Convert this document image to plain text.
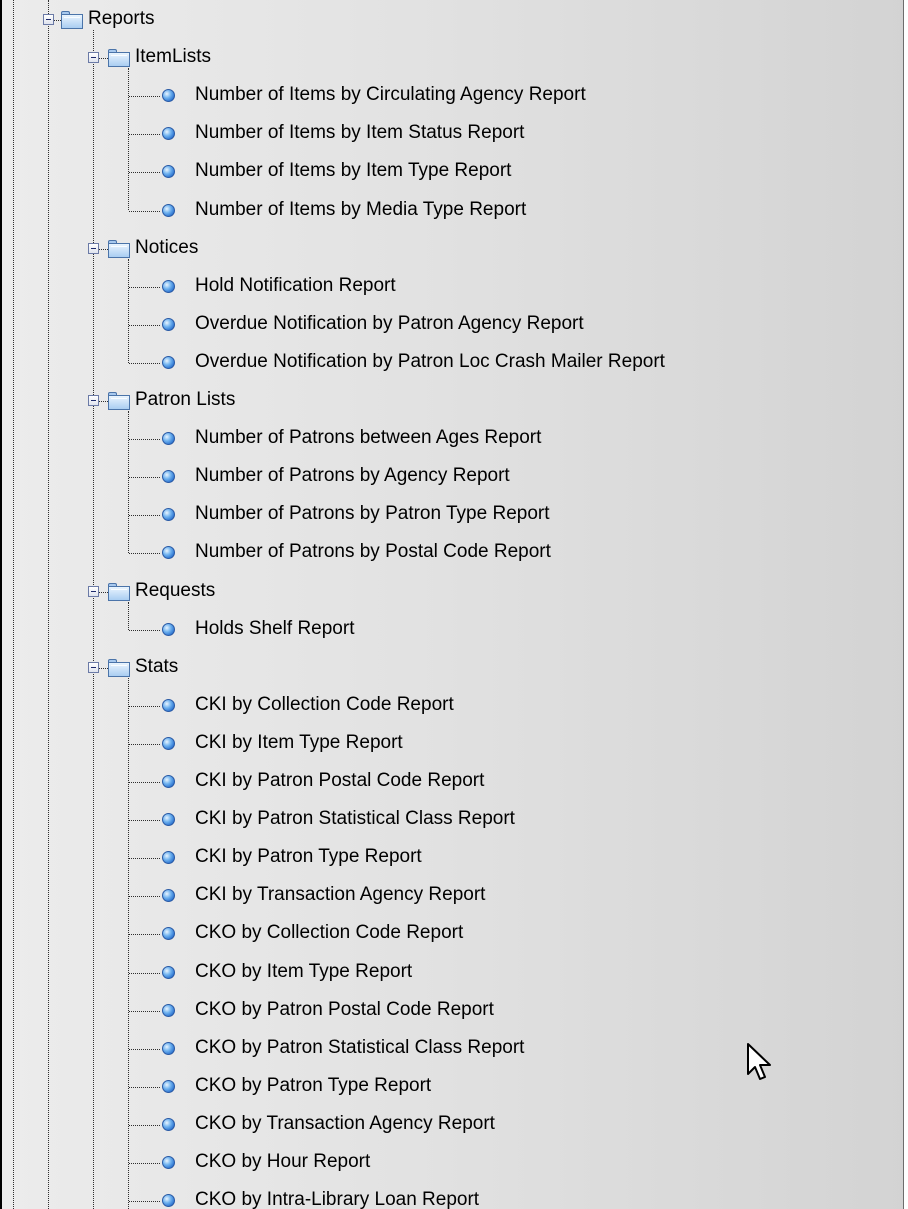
Reports
ItemLists
Number of Items by Circulating Agency Report
Number of Items by Item Status Report
Number of Items by Item Type Report
Number of Items by Media Type Report
Notices
Hold Notification Report
Overdue Notification by Patron Agency Report
Overdue Notification by Patron Loc Crash Mailer Report
Patron Lists
Number of Patrons between Ages Report
Number of Patrons by Agency Report
Number of Patrons by Patron Type Report
Number of Patrons by Postal Code Report
Requests
Holds Shelf Report
Stats
CKI by Collection Code Report
CKI by Item Type Report
CKI by Patron Postal Code Report
CKI by Patron Statistical Class Report
CKI by Patron Type Report
CKI by Transaction Agency Report
CKO by Collection Code Report
CKO by Item Type Report
CKO by Patron Postal Code Report
CKO by Patron Statistical Class Report
CKO by Patron Type Report
CKO by Transaction Agency Report
CKO by Hour Report
CKO by Intra-Library Loan Report
